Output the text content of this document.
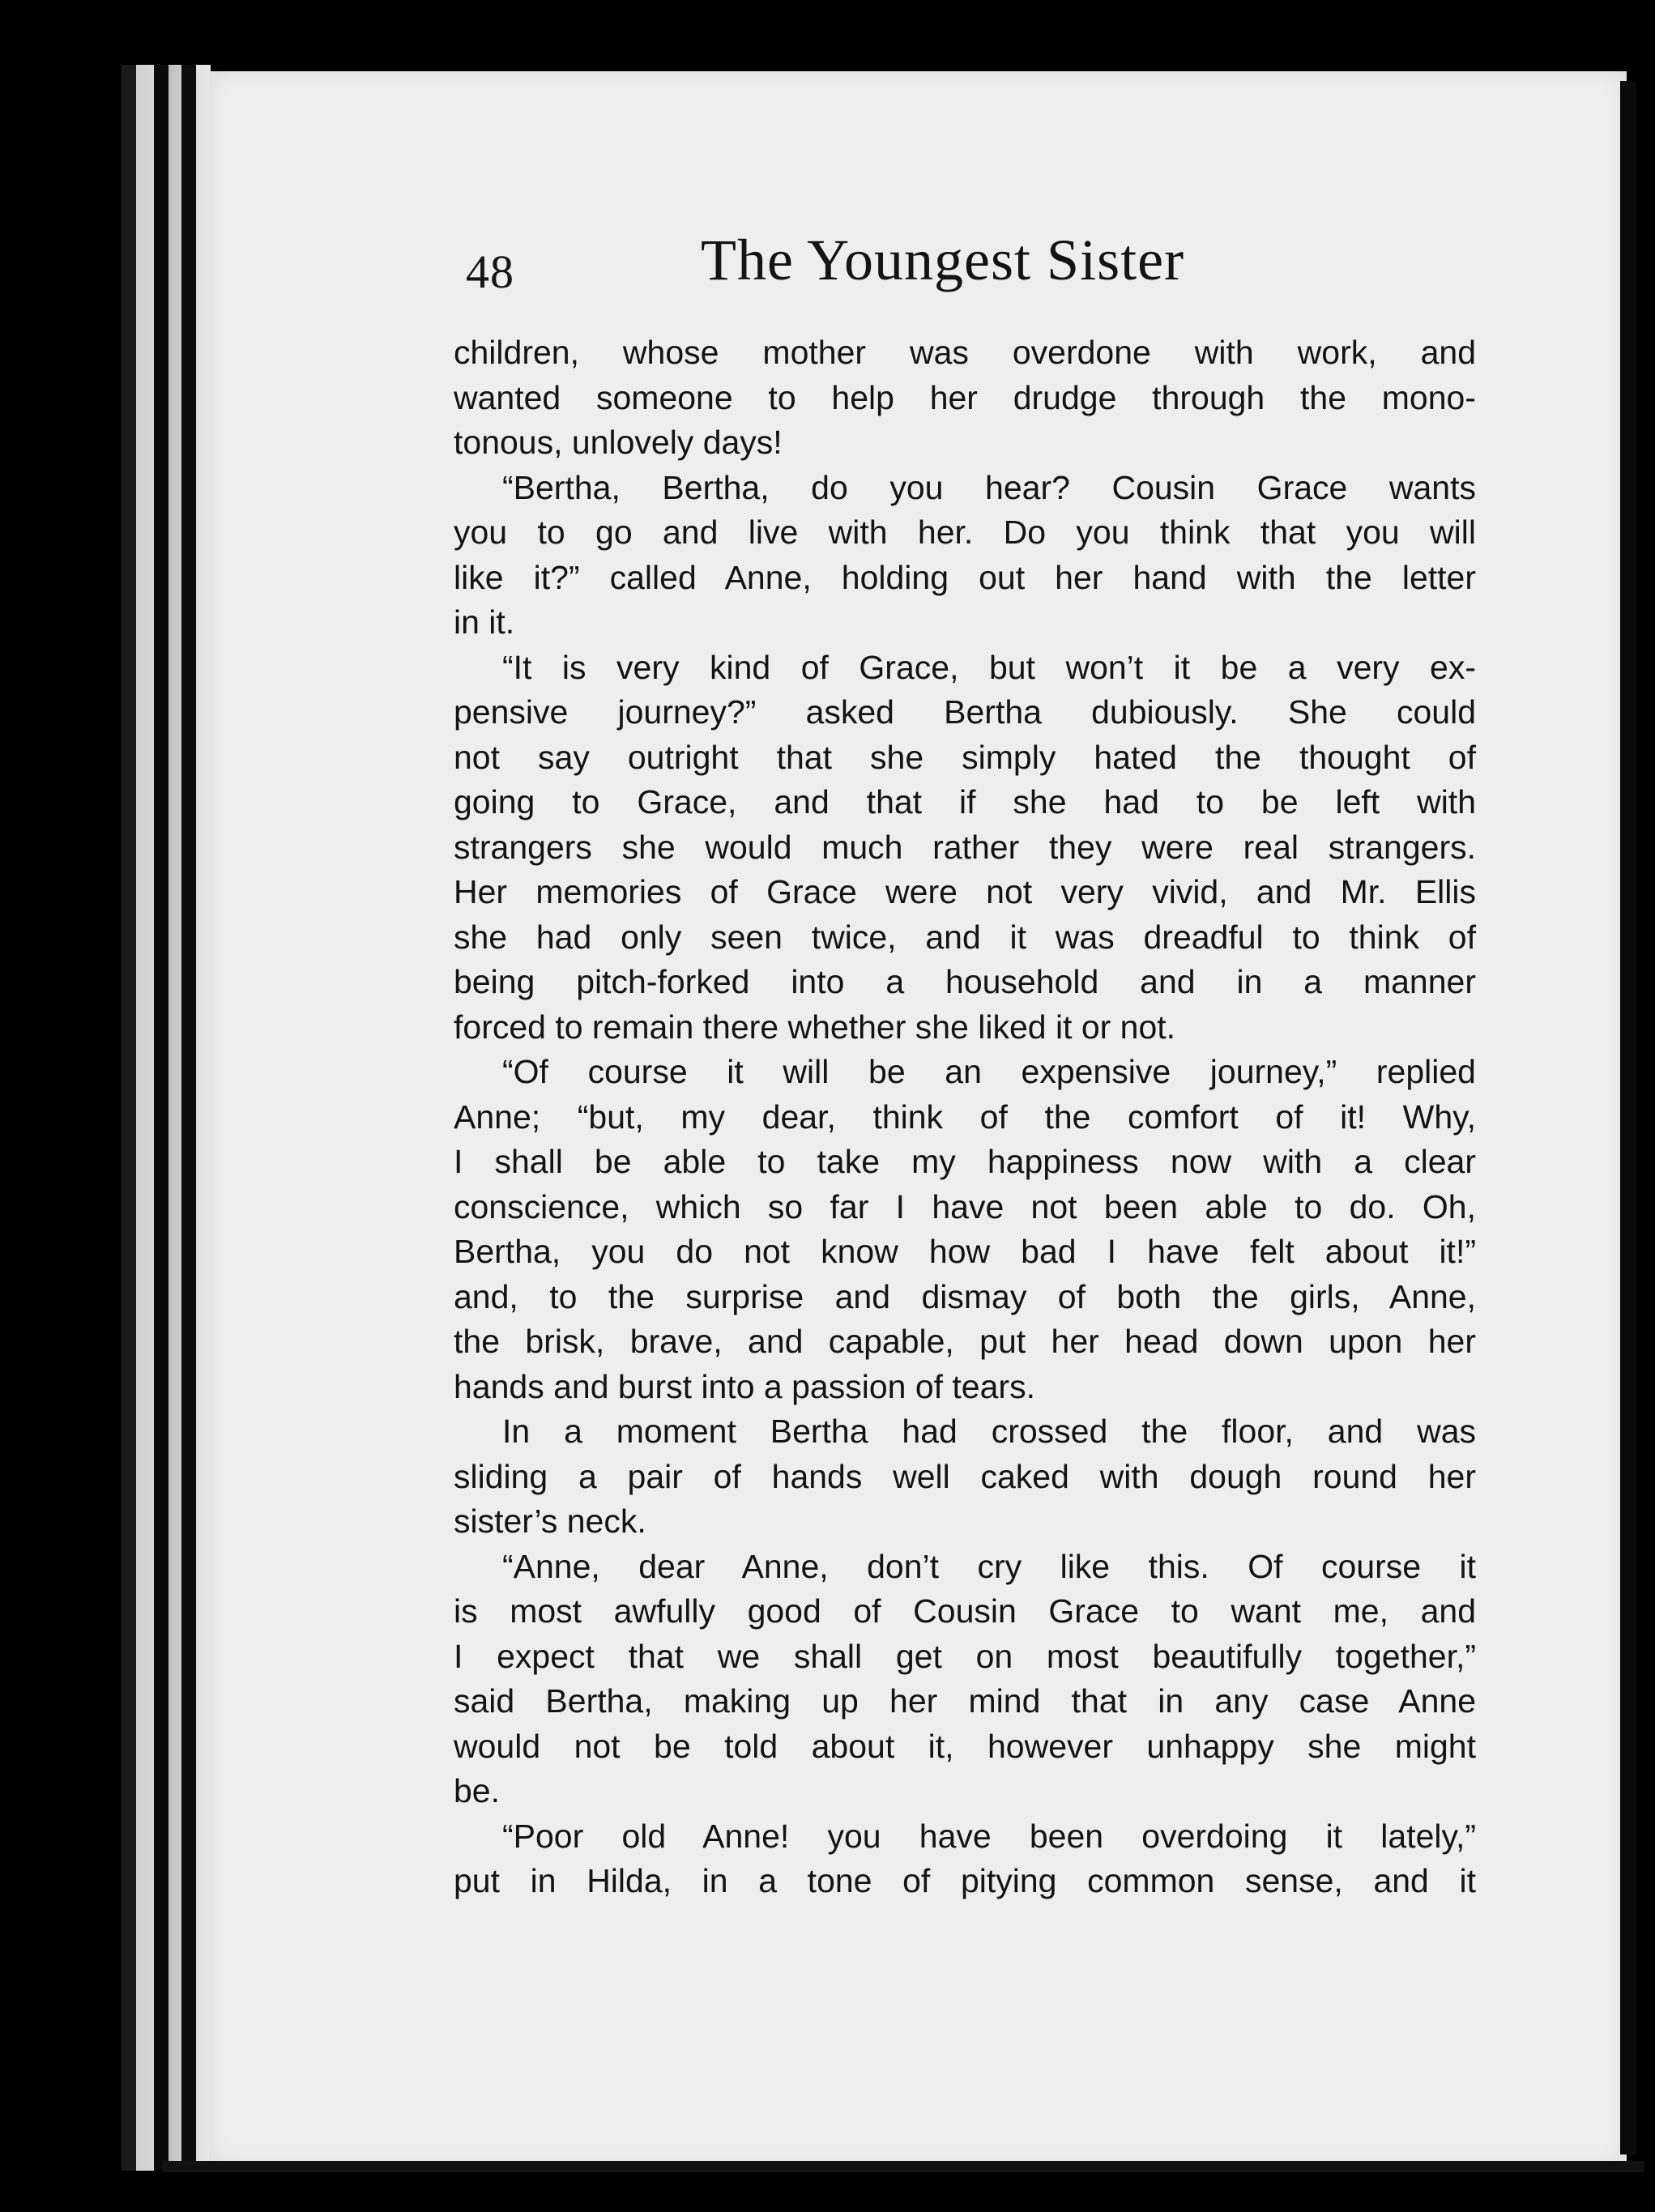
48	The Youngest Sister
children, whose mother was overdone with work, and
wanted someone to help her drudge through the mono-
tonous, unlovely days!
“Bertha, Bertha, do you hear? Cousin Grace wants
you to go and live with her. Do you think that you will
like it?” called Anne, holding out her hand with the letter
in it.
“It is very kind of Grace, but won’t it be a very ex-
pensive journey?” asked Bertha dubiously. She could
not say outright that she simply hated the thought of
going to Grace, and that if she had to be left with
strangers she would much rather they were real strangers.
Her memories of Grace were not very vivid, and Mr. Ellis
she had only seen twice, and it was dreadful to think of
being pitch-forked into a household and in a manner
forced to remain there whether she liked it or not.
“Of course it will be an expensive journey,” replied
Anne; “but, my dear, think of the comfort of it! Why,
I shall be able to take my happiness now with a clear
conscience, which so far I have not been able to do. Oh,
Bertha, you do not know how bad I have felt about it!”
and, to the surprise and dismay of both the girls, Anne,
the brisk, brave, and capable, put her head down upon her
hands and burst into a passion of tears.
In a moment Bertha had crossed the floor, and was
sliding a pair of hands well caked with dough round her
sister’s neck.
“Anne, dear Anne, don’t cry like this. Of course it
is most awfully good of Cousin Grace to want me, and
I expect that we shall get on most beautifully together,”
said Bertha, making up her mind that in any case Anne
would not be told about it, however unhappy she might
be.
“Poor old Anne! you have been overdoing it lately,”
put in Hilda, in a tone of pitying common sense, and it
